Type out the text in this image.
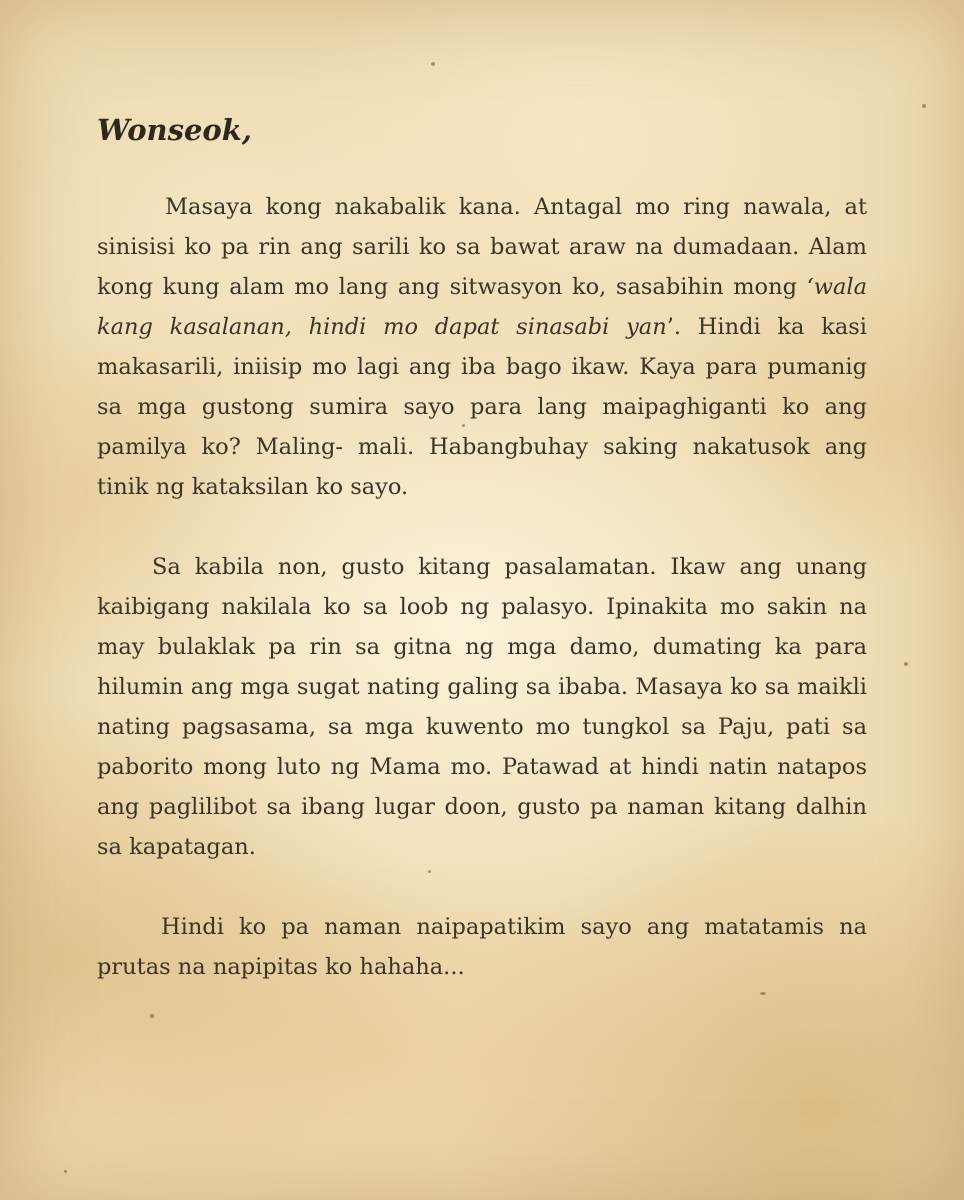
Wonseok,

Masaya kong nakabalik kana. Antagal mo ring nawala, at sinisisi ko pa rin ang sarili ko sa bawat araw na dumadaan. Alam kong kung alam mo lang ang sitwasyon ko, sasabihin mong ‘wala kang kasalanan, hindi mo dapat sinasabi yan’. Hindi ka kasi makasarili, iniisip mo lagi ang iba bago ikaw. Kaya para pumanig sa mga gustong sumira sayo para lang maipaghiganti ko ang pamilya ko? Maling- mali. Habangbuhay saking nakatusok ang tinik ng kataksilan ko sayo.

Sa kabila non, gusto kitang pasalamatan. Ikaw ang unang kaibigang nakilala ko sa loob ng palasyo. Ipinakita mo sakin na may bulaklak pa rin sa gitna ng mga damo, dumating ka para hilumin ang mga sugat nating galing sa ibaba. Masaya ko sa maikli nating pagsasama, sa mga kuwento mo tungkol sa Paju, pati sa paborito mong luto ng Mama mo. Patawad at hindi natin natapos ang paglilibot sa ibang lugar doon, gusto pa naman kitang dalhin sa kapatagan.

Hindi ko pa naman naipapatikim sayo ang matatamis na prutas na napipitas ko hahaha...
